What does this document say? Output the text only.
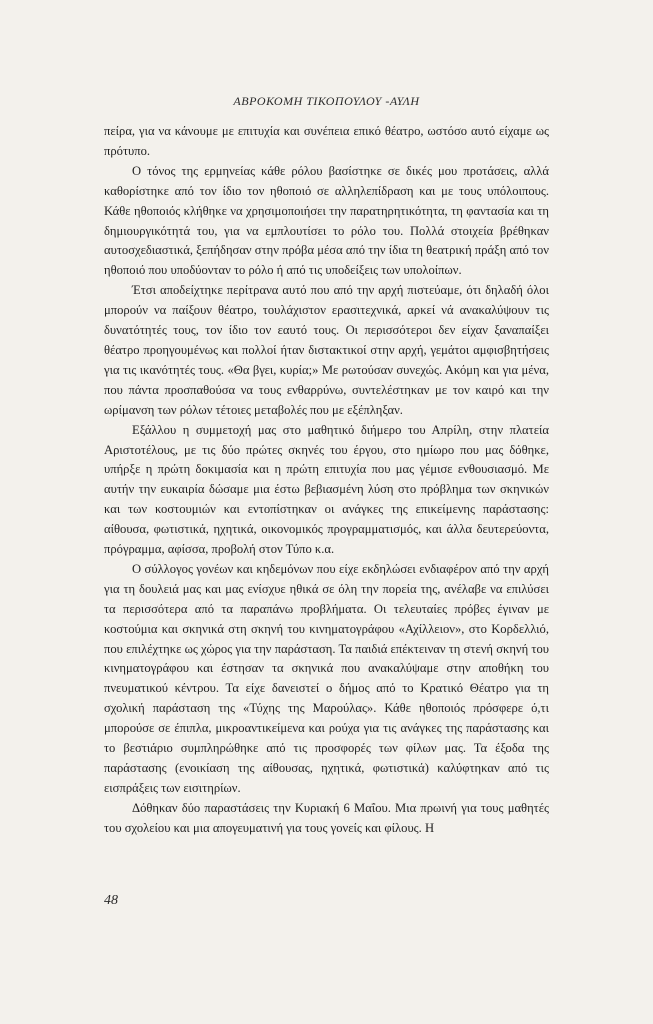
ΑΒΡΟΚΟΜΗ ΤΙΚΟΠΟΥΛΟΥ -ΑΥΛΗ

πείρα, για να κάνουμε με επιτυχία και συνέπεια επικό θέατρο, ωστόσο αυτό είχαμε ως πρότυπο.

Ο τόνος της ερμηνείας κάθε ρόλου βασίστηκε σε δικές μου προτάσεις, αλλά καθορίστηκε από τον ίδιο τον ηθοποιό σε αλληλεπίδραση και με τους υπόλοιπους. Κάθε ηθοποιός κλήθηκε να χρησιμοποιήσει την παρατηρητικότητα, τη φαντασία και τη δημιουργικότητά του, για να εμπλουτίσει το ρόλο του. Πολλά στοιχεία βρέθηκαν αυτοσχεδιαστικά, ξεπήδησαν στην πρόβα μέσα από την ίδια τη θεατρική πράξη από τον ηθοποιό που υποδύονταν το ρόλο ή από τις υποδείξεις των υπολοίπων.

Έτσι αποδείχτηκε περίτρανα αυτό που από την αρχή πιστεύαμε, ότι δηλαδή όλοι μπορούν να παίξουν θέατρο, τουλάχιστον ερασιτεχνικά, αρκεί νά ανακαλύψουν τις δυνατότητές τους, τον ίδιο τον εαυτό τους. Οι περισσότεροι δεν είχαν ξαναπαίξει θέατρο προηγουμένως και πολλοί ήταν διστακτικοί στην αρχή, γεμάτοι αμφισβητήσεις για τις ικανότητές τους. «Θα βγει, κυρία;» Με ρωτούσαν συνεχώς. Ακόμη και για μένα, που πάντα προσπαθούσα να τους ενθαρρύνω, συντελέστηκαν με τον καιρό και την ωρίμανση των ρόλων τέτοιες μεταβολές που με εξέπληξαν.

Εξάλλου η συμμετοχή μας στο μαθητικό διήμερο του Απρίλη, στην πλατεία Αριστοτέλους, με τις δύο πρώτες σκηνές του έργου, στο ημίωρο που μας δόθηκε, υπήρξε η πρώτη δοκιμασία και η πρώτη επιτυχία που μας γέμισε ενθουσιασμό. Με αυτήν την ευκαιρία δώσαμε μια έστω βεβιασμένη λύση στο πρόβλημα των σκηνικών και των κοστουμιών και εντοπίστηκαν οι ανάγκες της επικείμενης παράστασης: αίθουσα, φωτιστικά, ηχητικά, οικονομικός προγραμματισμός, και άλλα δευτερεύοντα, πρόγραμμα, αφίσσα, προβολή στον Τύπο κ.α.

Ο σύλλογος γονέων και κηδεμόνων που είχε εκδηλώσει ενδιαφέρον από την αρχή για τη δουλειά μας και μας ενίσχυε ηθικά σε όλη την πορεία της, ανέλαβε να επιλύσει τα περισσότερα από τα παραπάνω προβλήματα. Οι τελευταίες πρόβες έγιναν με κοστούμια και σκηνικά στη σκηνή του κινηματογράφου «Αχίλλειον», στο Κορδελλιό, που επιλέχτηκε ως χώρος για την παράσταση. Τα παιδιά επέκτειναν τη στενή σκηνή του κινηματογράφου και έστησαν τα σκηνικά που ανακαλύψαμε στην αποθήκη του πνευματικού κέντρου. Τα είχε δανειστεί ο δήμος από το Κρατικό Θέατρο για τη σχολική παράσταση της «Τύχης της Μαρούλας». Κάθε ηθοποιός πρόσφερε ό,τι μπορούσε σε έπιπλα, μικροαντικείμενα και ρούχα για τις ανάγκες της παράστασης και το βεστιάριο συμπληρώθηκε από τις προσφορές των φίλων μας. Τα έξοδα της παράστασης (ενοικίαση της αίθουσας, ηχητικά, φωτιστικά) καλύφτηκαν από τις εισπράξεις των εισιτηρίων.

Δόθηκαν δύο παραστάσεις την Κυριακή 6 Μαΐου. Μια πρωινή για τους μαθητές του σχολείου και μια απογευματινή για τους γονείς και φίλους. Η

48
